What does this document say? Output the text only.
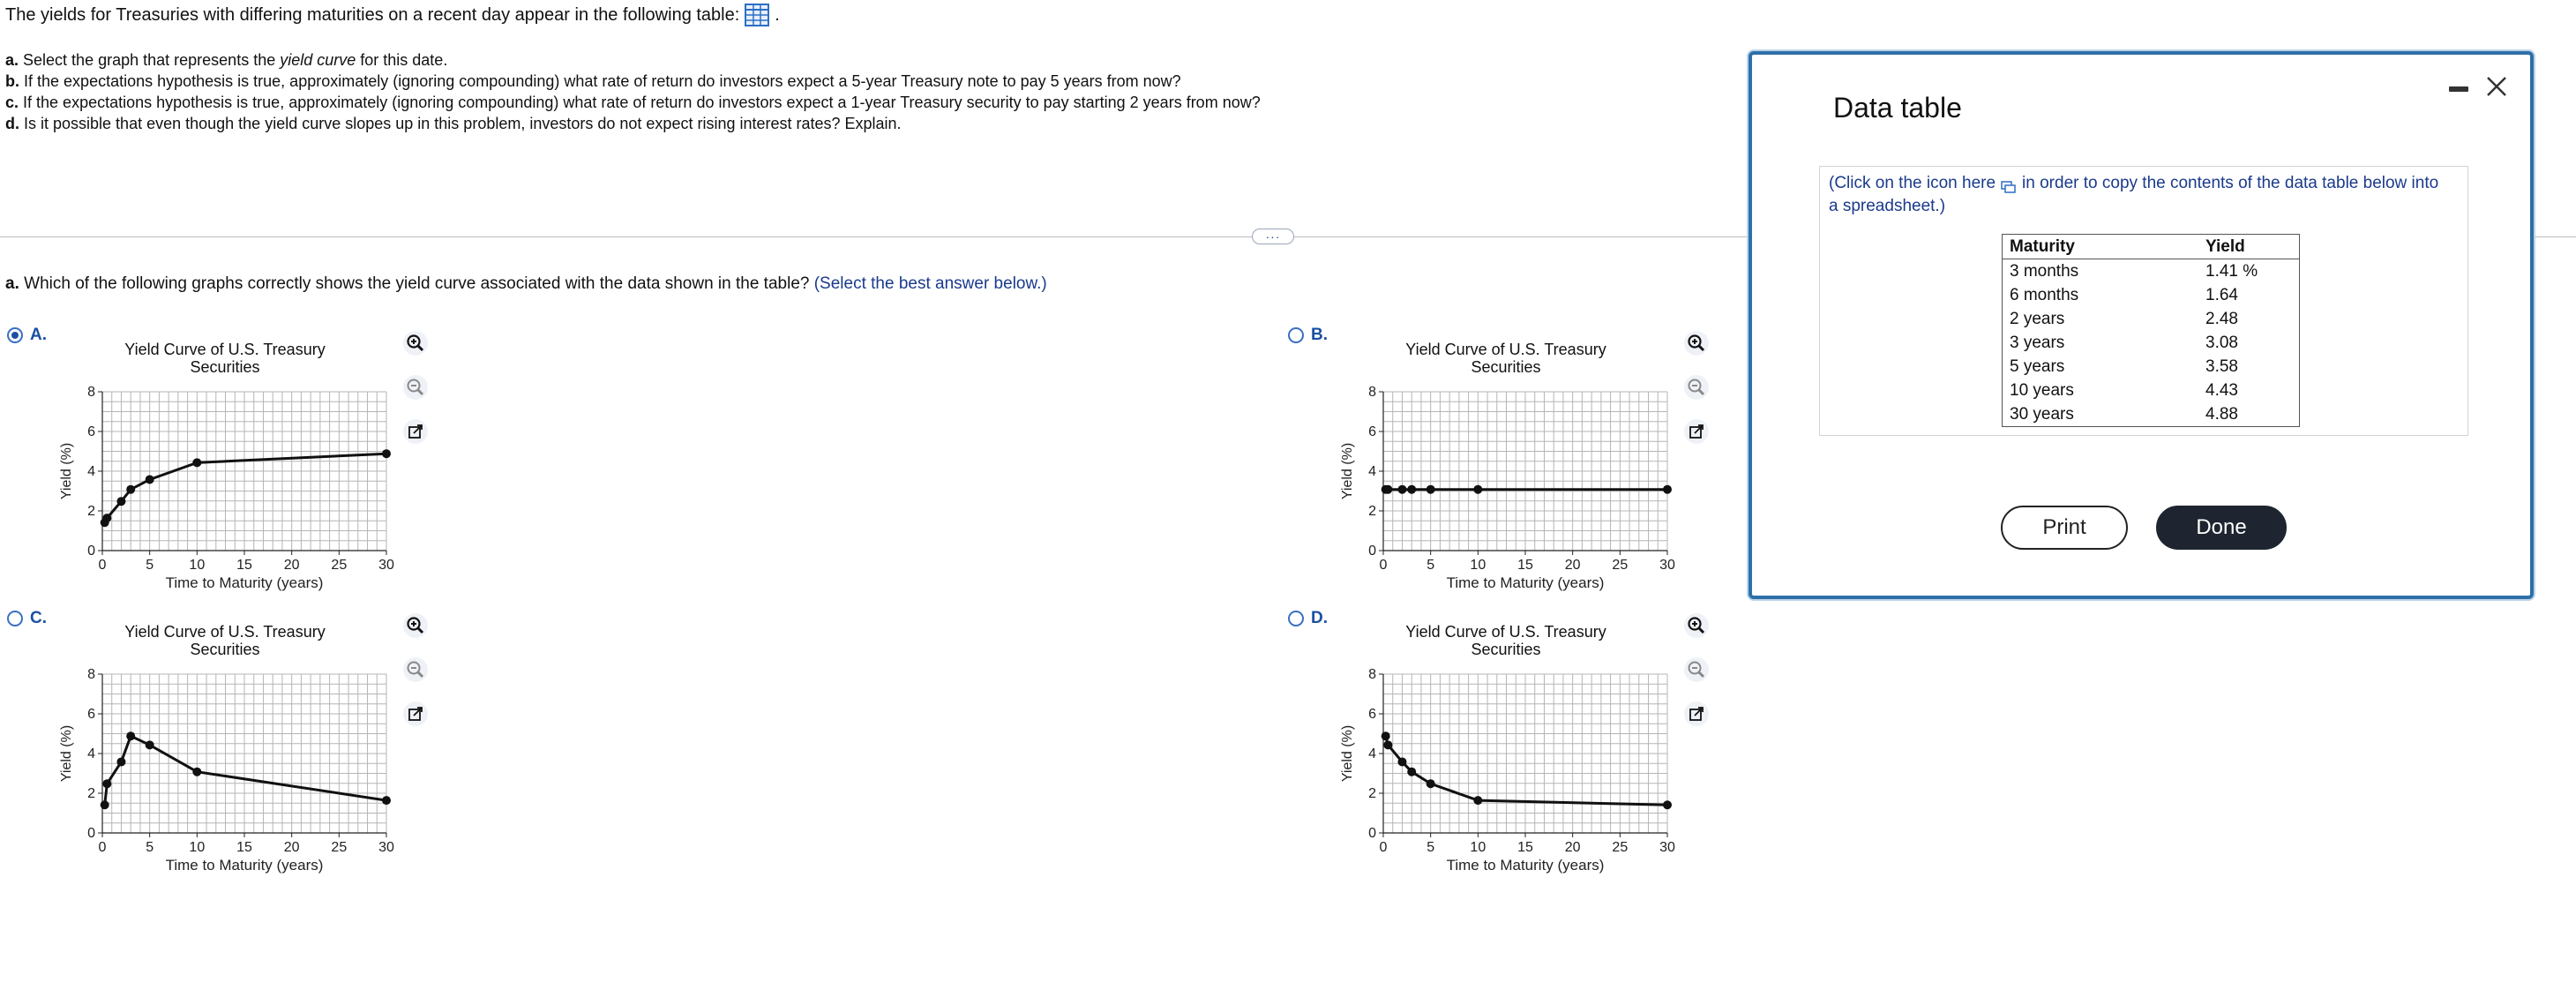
The yields for Treasuries with differing maturities on a recent day appear in the following table: .
a. Select the graph that represents the yield curve for this date.
b. If the expectations hypothesis is true, approximately (ignoring compounding) what rate of return do investors expect a 5-year Treasury note to pay 5 years from now?
c. If the expectations hypothesis is true, approximately (ignoring compounding) what rate of return do investors expect a 1-year Treasury security to pay starting 2 years from now?
d. Is it possible that even though the yield curve slopes up in this problem, investors do not expect rising interest rates? Explain.
···
a. Which of the following graphs correctly shows the yield curve associated with the data shown in the table? (Select the best answer below.)
A.	B.
C.	D.
Yield Curve of U.S. Treasury
Securities
0	5	10 15 20 25 30
0
2
4
6
8
Time to Maturity (years)
Yield (%)
Yield Curve of U.S. Treasury
Securities
0	5	10 15 20 25 30
0
2
4
6
8
Time to Maturity (years)
Yield (%)
Yield Curve of U.S. Treasury
Securities
0	5	10 15 20 25 30
0
2
4
6
8
Time to Maturity (years)
Yield (%)
Yield Curve of U.S. Treasury
Securities
0	5	10 15 20 25 30
0
2
4
6
8
Time to Maturity (years)
Yield (%)
Data table
(Click on the icon here in order to copy the contents of the data table below into a spreadsheet.)
Maturity	Yield
3 months	1.41 %
6 months	1.64
2 years	2.48
3 years	3.08
5 years	3.58
10 years	4.43
30 years	4.88
Print	Done
